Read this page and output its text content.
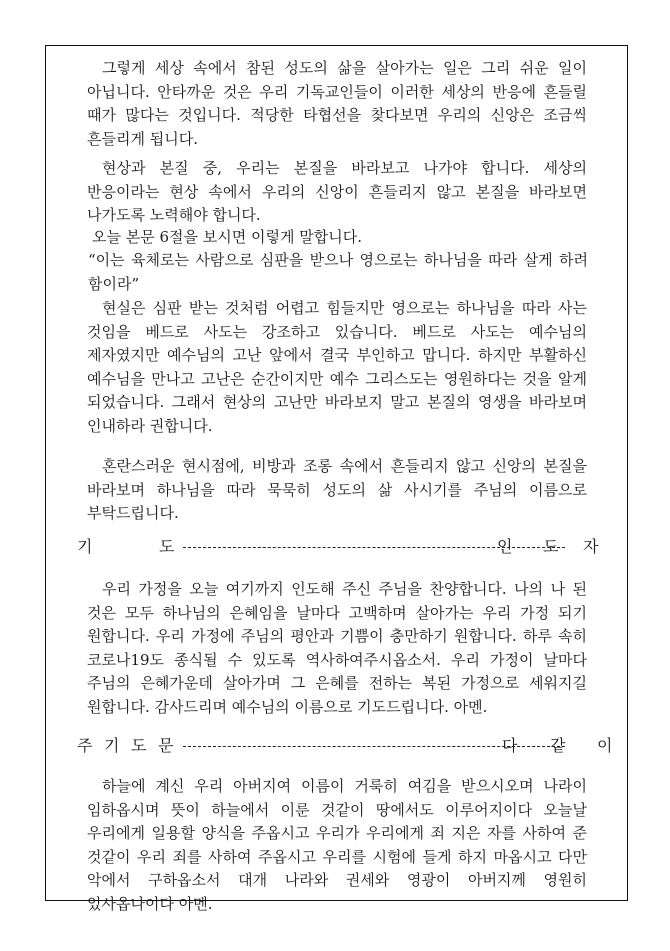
그렇게 세상 속에서 참된 성도의 삶을 살아가는 일은 그리 쉬운 일이 아닙니다. 안타까운 것은 우리 기독교인들이 이러한 세상의 반응에 흔들릴 때가 많다는 것입니다. 적당한 타협선을 찾다보면 우리의 신앙은 조금씩 흔들리게 됩니다.

현상과 본질 중, 우리는 본질을 바라보고 나가야 합니다. 세상의 반응이라는 현상 속에서 우리의 신앙이 흔들리지 않고 본질을 바라보면 나가도록 노력해야 합니다.

오늘 본문 6절을 보시면 이렇게 말합니다.

“이는 육체로는 사람으로 심판을 받으나 영으로는 하나님을 따라 살게 하려 함이라”

현실은 심판 받는 것처럼 어렵고 힘들지만 영으로는 하나님을 따라 사는 것임을 베드로 사도는 강조하고 있습니다. 베드로 사도는 예수님의 제자였지만 예수님의 고난 앞에서 결국 부인하고 맙니다. 하지만 부활하신 예수님을 만나고 고난은 순간이지만 예수 그리스도는 영원하다는 것을 알게 되었습니다. 그래서 현상의 고난만 바라보지 말고 본질의 영생을 바라보며 인내하라 권합니다.

혼란스러운 현시점에, 비방과 조롱 속에서 흔들리지 않고 신앙의 본질을 바라보며 하나님을 따라 묵묵히 성도의 삶 사시기를 주님의 이름으로 부탁드립니다.

기	도	인 도 자

우리 가정을 오늘 여기까지 인도해 주신 주님을 찬양합니다. 나의 나 된 것은 모두 하나님의 은혜임을 날마다 고백하며 살아가는 우리 가정 되기 원합니다. 우리 가정에 주님의 평안과 기쁨이 충만하기 원합니다. 하루 속히 코로나19도 종식될 수 있도록 역사하여주시옵소서. 우리 가정이 날마다 주님의 은혜가운데 살아가며 그 은혜를 전하는 복된 가정으로 세워지길 원합니다. 감사드리며 예수님의 이름으로 기도드립니다. 아멘.

주 기 도 문	다 같 이

하늘에 계신 우리 아버지여 이름이 거룩히 여김을 받으시오며 나라이 임하옵시며 뜻이 하늘에서 이룬 것같이 땅에서도 이루어지이다 오늘날 우리에게 일용할 양식을 주옵시고 우리가 우리에게 죄 지은 자를 사하여 준 것같이 우리 죄를 사하여 주옵시고 우리를 시험에 들게 하지 마옵시고 다만 악에서 구하옵소서 대개 나라와 권세와 영광이 아버지께 영원히 있사옵나이다 아멘.
